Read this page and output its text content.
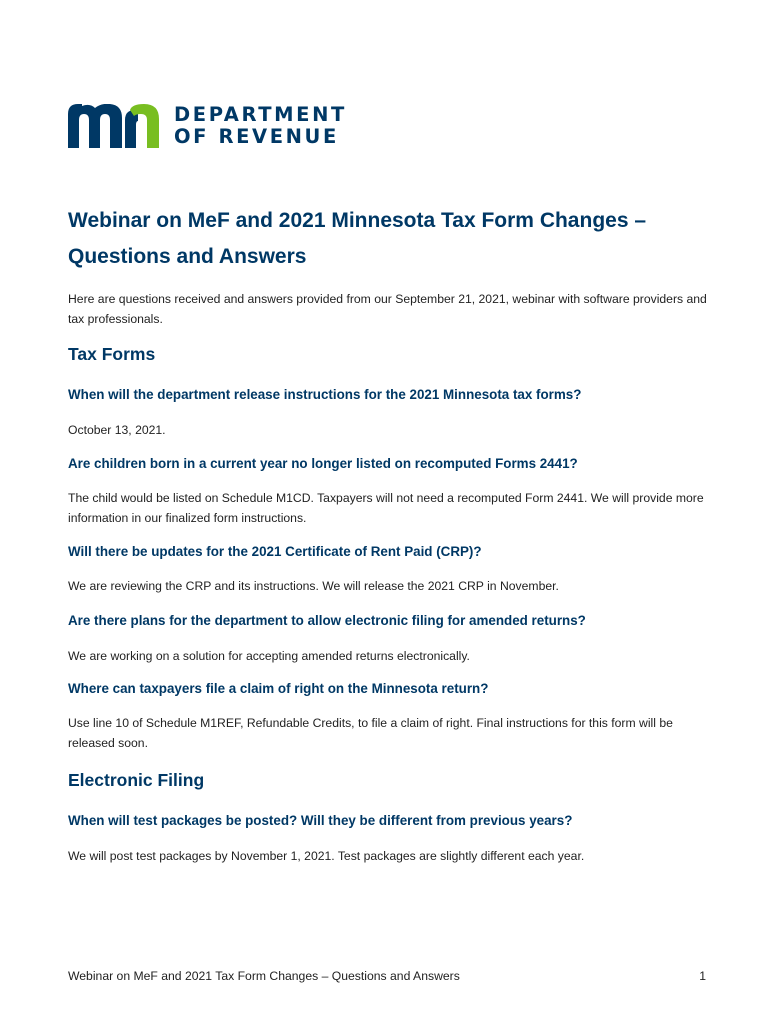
DEPARTMENT
OF REVENUE
Webinar on MeF and 2021 Minnesota Tax Form Changes –
Questions and Answers

Here are questions received and answers provided from our September 21, 2021, webinar with software providers and tax professionals.

Tax Forms
When will the department release instructions for the 2021 Minnesota tax forms?

October 13, 2021.

Are children born in a current year no longer listed on recomputed Forms 2441?

The child would be listed on Schedule M1CD. Taxpayers will not need a recomputed Form 2441. We will provide more information in our finalized form instructions.

Will there be updates for the 2021 Certificate of Rent Paid (CRP)?

We are reviewing the CRP and its instructions. We will release the 2021 CRP in November.

Are there plans for the department to allow electronic filing for amended returns?

We are working on a solution for accepting amended returns electronically.

Where can taxpayers file a claim of right on the Minnesota return?

Use line 10 of Schedule M1REF, Refundable Credits, to file a claim of right. Final instructions for this form will be released soon.

Electronic Filing
When will test packages be posted? Will they be different from previous years?

We will post test packages by November 1, 2021. Test packages are slightly different each year.

Webinar on MeF and 2021 Tax Form Changes – Questions and Answers	1
